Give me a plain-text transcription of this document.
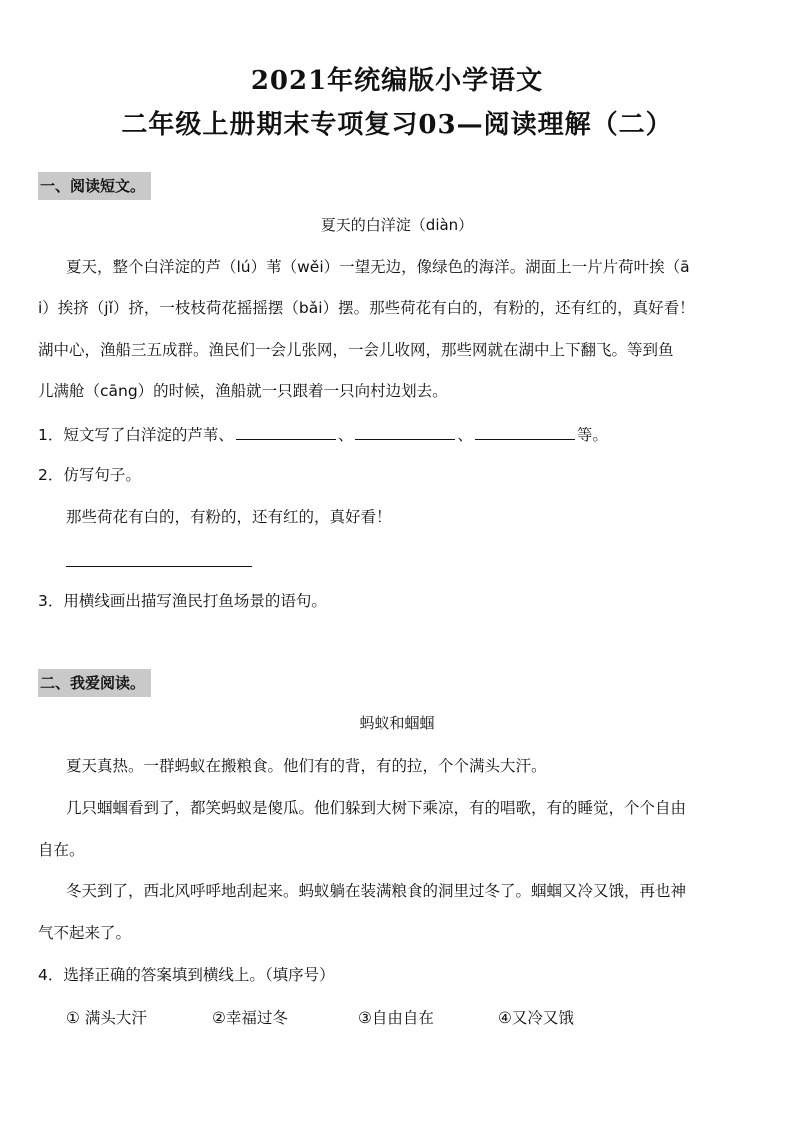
2021年统编版小学语文
二年级上册期末专项复习03—阅读理解（二）
一、阅读短文。
夏天的白洋淀（diàn）
夏天，整个白洋淀的芦（lú）苇（wěi）一望无边，像绿色的海洋。湖面上一片片荷叶挨（ā
i）挨挤（jǐ）挤，一枝枝荷花摇摇摆（bǎi）摆。那些荷花有白的，有粉的，还有红的，真好看！
湖中心，渔船三五成群。渔民们一会儿张网，一会儿收网，那些网就在湖中上下翻飞。等到鱼
儿满舱（cāng）的时候，渔船就一只跟着一只向村边划去。
1．短文写了白洋淀的芦苇、	、	、	等。
2．仿写句子。
那些荷花有白的，有粉的，还有红的，真好看！
3．用横线画出描写渔民打鱼场景的语句。
二、我爱阅读。
蚂蚁和蝈蝈
夏天真热。一群蚂蚁在搬粮食。他们有的背，有的拉，个个满头大汗。
几只蝈蝈看到了，都笑蚂蚁是傻瓜。他们躲到大树下乘凉，有的唱歌，有的睡觉，个个自由
自在。
冬天到了，西北风呼呼地刮起来。蚂蚁躺在装满粮食的洞里过冬了。蝈蝈又冷又饿，再也神
气不起来了。
4．选择正确的答案填到横线上。（填序号）
① 满头大汗	②幸福过冬	③自由自在	④又冷又饿
